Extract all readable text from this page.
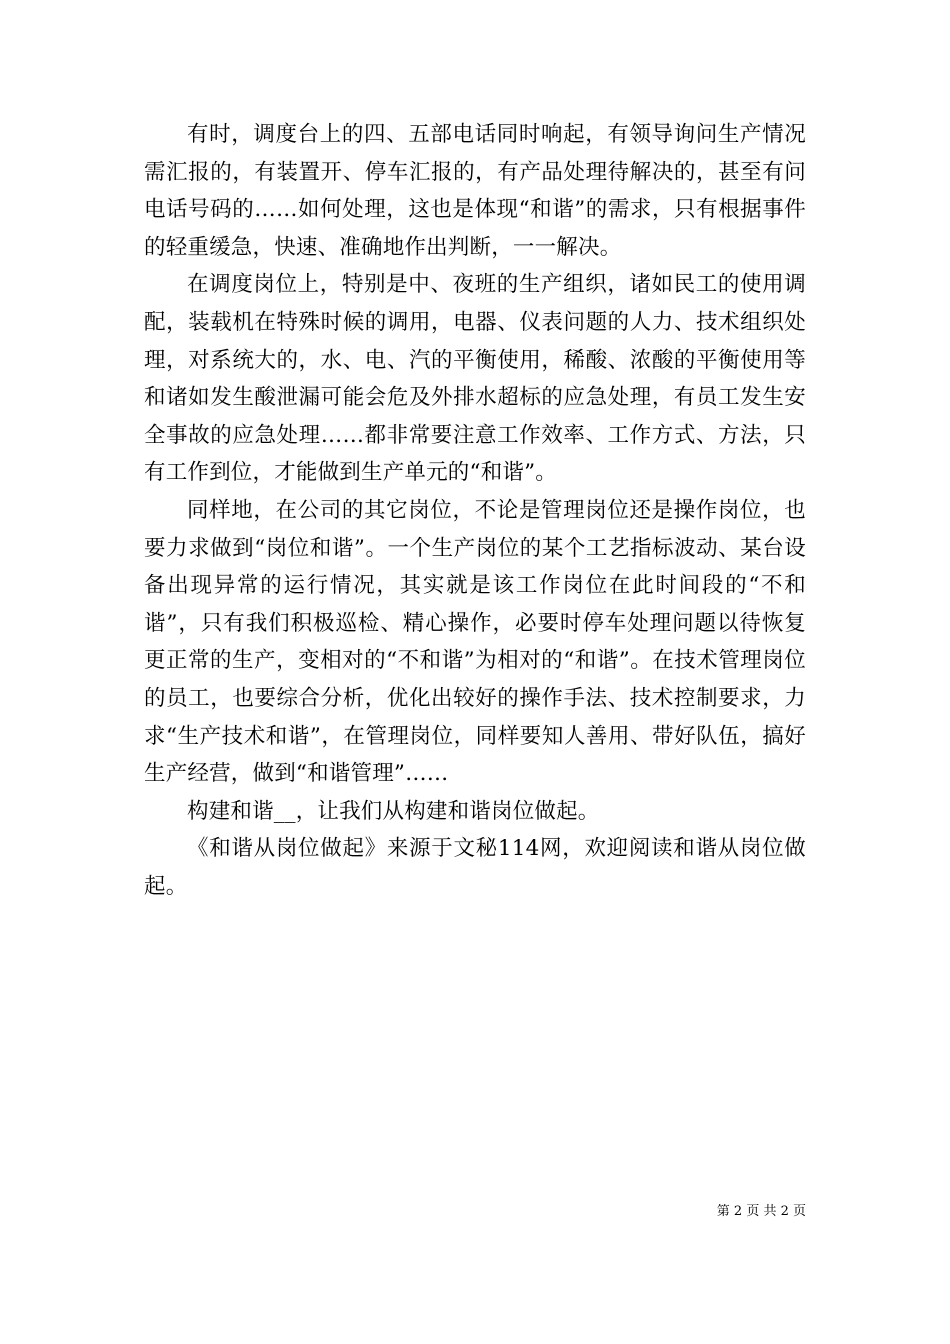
有时，调度台上的四、五部电话同时响起，有领导询问生产情况需汇报的，有装置开、停车汇报的，有产品处理待解决的，甚至有问电话号码的……如何处理，这也是体现“和谐”的需求，只有根据事件的轻重缓急，快速、准确地作出判断，一一解决。

在调度岗位上，特别是中、夜班的生产组织，诸如民工的使用调配，装载机在特殊时候的调用，电器、仪表问题的人力、技术组织处理，对系统大的，水、电、汽的平衡使用，稀酸、浓酸的平衡使用等和诸如发生酸泄漏可能会危及外排水超标的应急处理，有员工发生安全事故的应急处理……都非常要注意工作效率、工作方式、方法，只有工作到位，才能做到生产单元的“和谐”。

同样地，在公司的其它岗位，不论是管理岗位还是操作岗位，也要力求做到“岗位和谐”。一个生产岗位的某个工艺指标波动、某台设备出现异常的运行情况，其实就是该工作岗位在此时间段的“不和谐”，只有我们积极巡检、精心操作，必要时停车处理问题以待恢复更正常的生产，变相对的“不和谐”为相对的“和谐”。在技术管理岗位的员工，也要综合分析，优化出较好的操作手法、技术控制要求，力求“生产技术和谐”，在管理岗位，同样要知人善用、带好队伍，搞好生产经营，做到“和谐管理”……

构建和谐__，让我们从构建和谐岗位做起。

《和谐从岗位做起》来源于文秘114网，欢迎阅读和谐从岗位做起。

第 2 页 共 2 页
